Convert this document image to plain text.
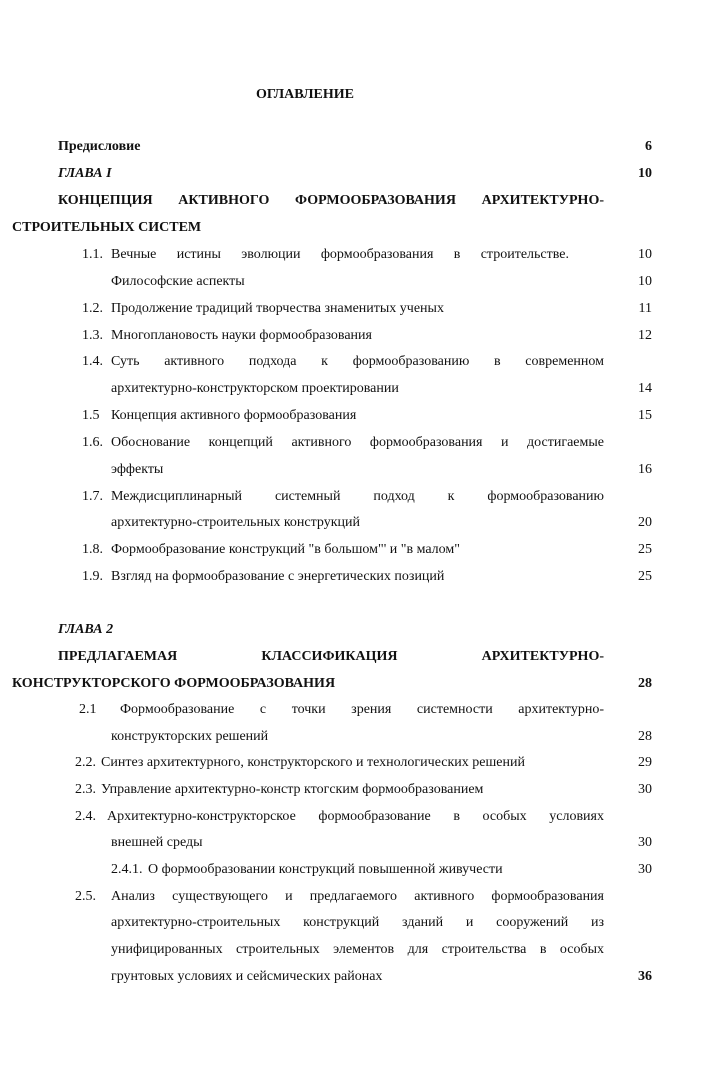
ОГЛАВЛЕНИЕ
Предисловие	6
ГЛАВА I	10
КОНЦЕПЦИЯ АКТИВНОГО ФОРМООБРАЗОВАНИЯ АРХИТЕКТУРНО-
СТРОИТЕЛЬНЫХ СИСТЕМ
1.1. Вечные истины эволюции формообразования в строительстве.	10
Философские аспекты	10
1.2. Продолжение традиций творчества знаменитых ученых	11
1.3. Многоплановость науки формообразования	12
1.4. Суть активного подхода к формообразованию в современном
архитектурно-конструкторском проектировании	14
1.5 Концепция активного формообразования	15
1.6. Обоснование концепций активного формообразования и достигаемые
эффекты	16
1.7. Междисциплинарный системный подход к формообразованию
архитектурно-строительных конструкций	20
1.8. Формообразование конструкций "в большом"' и "в малом"	25
1.9. Взгляд на формообразование с энергетических позиций	25
ГЛАВА 2
ПРЕДЛАГАЕМАЯ КЛАССИФИКАЦИЯ АРХИТЕКТУРНО-
КОНСТРУКТОРСКОГО ФОРМООБРАЗОВАНИЯ	28
2.1 Формообразование с точки зрения системности архитектурно-
конструкторских решений	28
2.2. Синтез архитектурного, конструкторского и технологических решений	29
2.3. Управление архитектурно-констр ктогским формообразованием	30
2.4. Архитектурно-конструкторское формообразование в особых условиях
внешней среды	30
2.4.1. О формообразовании конструкций повышенной живучести	30
2.5. Анализ существующего и предлагаемого активного формообразования
архитектурно-строительных конструкций зданий и сооружений из
унифицированных строительных элементов для строительства в особых
грунтовых условиях и сейсмических районах	36
